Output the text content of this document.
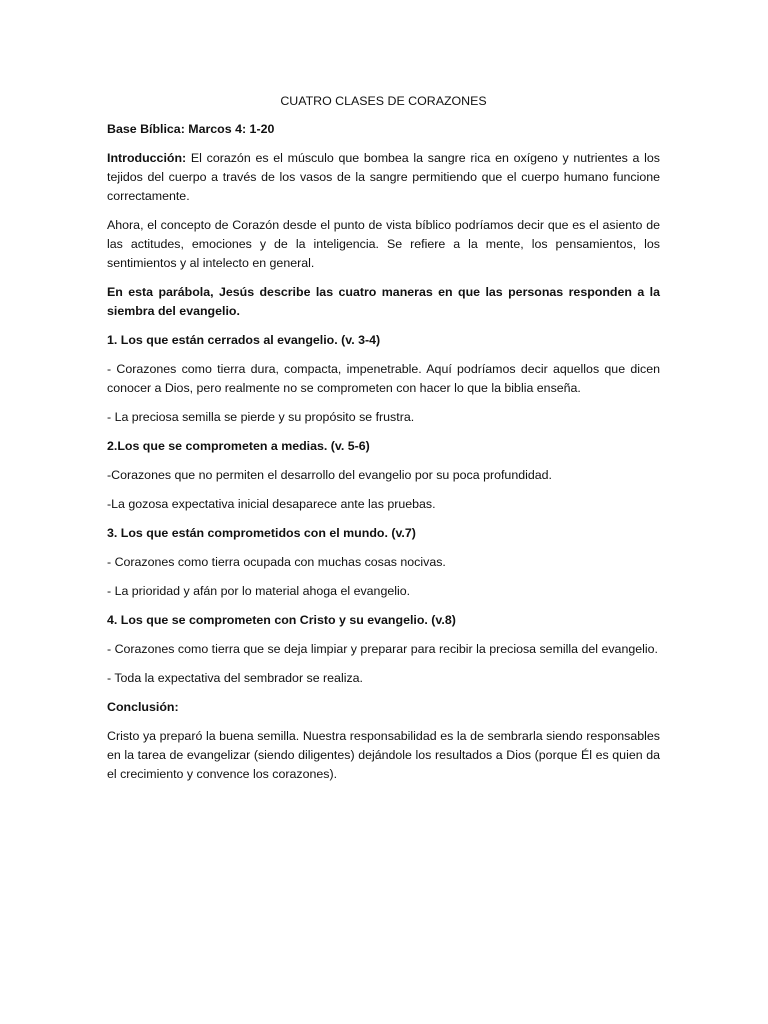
CUATRO CLASES DE CORAZONES

Base Bíblica: Marcos 4: 1-20

Introducción: El corazón es el músculo que bombea la sangre rica en oxígeno y nutrientes a los tejidos del cuerpo a través de los vasos de la sangre permitiendo que el cuerpo humano funcione correctamente.

Ahora, el concepto de Corazón desde el punto de vista bíblico podríamos decir que es el asiento de las actitudes, emociones y de la inteligencia. Se refiere a la mente, los pensamientos, los sentimientos y al intelecto en general.

En esta parábola, Jesús describe las cuatro maneras en que las personas responden a la siembra del evangelio.

1. Los que están cerrados al evangelio. (v. 3-4)

- Corazones como tierra dura, compacta, impenetrable. Aquí podríamos decir aquellos que dicen conocer a Dios, pero realmente no se comprometen con hacer lo que la biblia enseña.

- La preciosa semilla se pierde y su propósito se frustra.

2.Los que se comprometen a medias. (v. 5-6)

-Corazones que no permiten el desarrollo del evangelio por su poca profundidad.

-La gozosa expectativa inicial desaparece ante las pruebas.

3. Los que están comprometidos con el mundo. (v.7)

- Corazones como tierra ocupada con muchas cosas nocivas.

- La prioridad y afán por lo material ahoga el evangelio.

4. Los que se comprometen con Cristo y su evangelio. (v.8)

- Corazones como tierra que se deja limpiar y preparar para recibir la preciosa semilla del evangelio.

- Toda la expectativa del sembrador se realiza.

Conclusión:

Cristo ya preparó la buena semilla. Nuestra responsabilidad es la de sembrarla siendo responsables en la tarea de evangelizar (siendo diligentes) dejándole los resultados a Dios (porque Él es quien da el crecimiento y convence los corazones).
